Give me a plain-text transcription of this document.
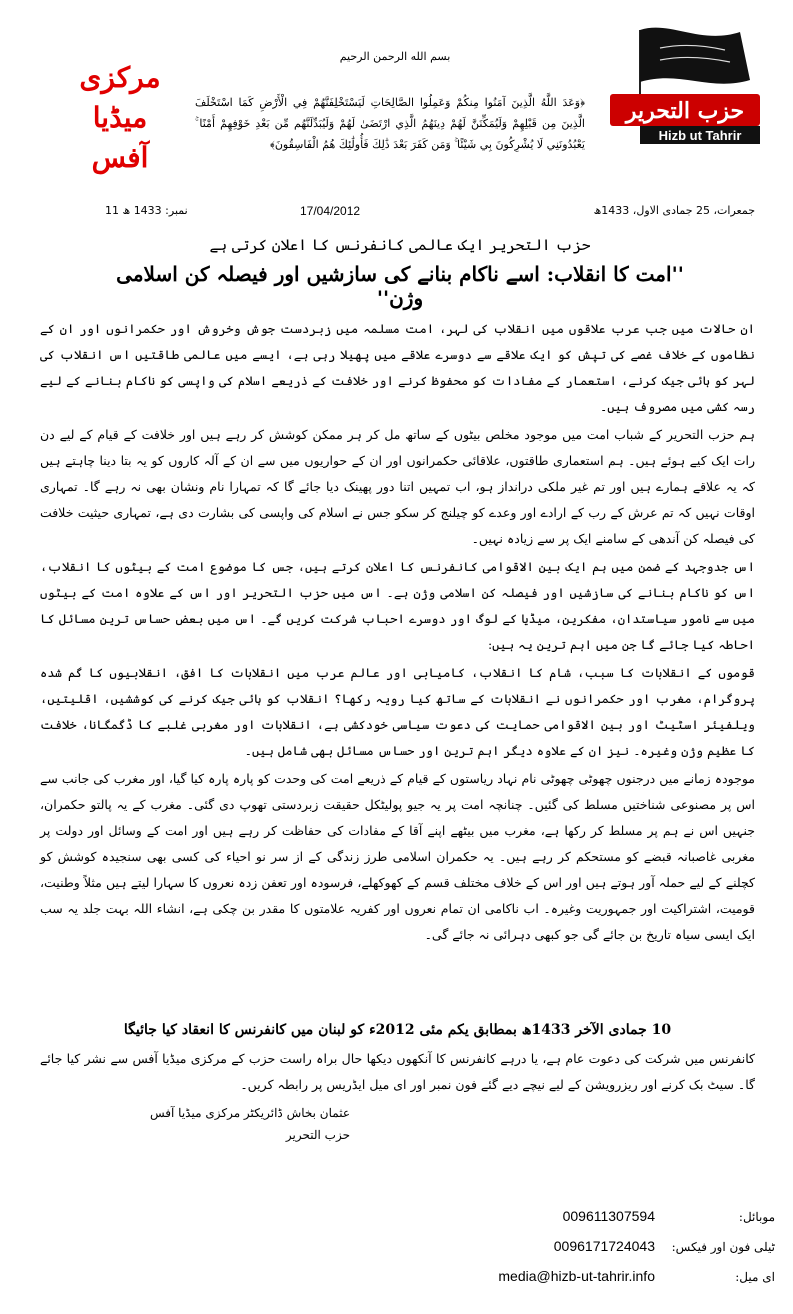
حزب التحرير
Hizb ut Tahrir
مرکزی
میڈیا آفس
بسم الله الرحمن الرحيم
﴿وَعَدَ اللَّهُ الَّذِينَ آمَنُوا مِنكُمْ وَعَمِلُوا الصَّالِحَاتِ لَيَسْتَخْلِفَنَّهُمْ فِي الْأَرْضِ كَمَا اسْتَخْلَفَ الَّذِينَ مِن قَبْلِهِمْ وَلَيُمَكِّنَنَّ لَهُمْ دِينَهُمُ الَّذِي ارْتَضَىٰ لَهُمْ وَلَيُبَدِّلَنَّهُم مِّن بَعْدِ خَوْفِهِمْ أَمْنًا ۚ يَعْبُدُونَنِي لَا يُشْرِكُونَ بِي شَيْئًا ۚ وَمَن كَفَرَ بَعْدَ ذَٰلِكَ فَأُولَٰئِكَ هُمُ الْفَاسِقُونَ﴾
جمعرات، 25 جمادی الاول، 1433ھ
17/04/2012
نمبر: 1433 ھ 11
حزب التحریر ایک عالمی کانفرنس کا اعلان کرتی ہے
''امت کا انقلاب: اسے ناکام بنانے کی سازشیں اور فیصلہ کن اسلامی وژن''

ان حالات میں جب عرب علاقوں میں انقلاب کی لہر، امت مسلمہ میں زبردست جوش وخروش اور حکمرانوں اور ان کے نظاموں کے خلاف غصے کی تپش کو ایک علاقے سے دوسرے علاقے میں پھیلا رہی ہے، ایسے میں عالمی طاقتیں اس انقلاب کی لہر کو ہائی جیک کرنے، استعمار کے مفادات کو محفوظ کرنے اور خلافت کے ذریعے اسلام کی واپسی کو ناکام بنانے کے لیے رسہ کشی میں مصروف ہیں۔

ہم حزب التحریر کے شباب امت میں موجود مخلص بیٹوں کے ساتھ مل کر ہر ممکن کوشش کر رہے ہیں اور خلافت کے قیام کے لیے دن رات ایک کیے ہوئے ہیں۔ ہم استعماری طاقتوں، علاقائی حکمرانوں اور ان کے حواریوں میں سے ان کے آلہ کاروں کو یہ بتا دینا چاہتے ہیں کہ یہ علاقے ہمارے ہیں اور تم غیر ملکی درانداز ہو، اب تمہیں اتنا دور پھینک دیا جائے گا کہ تمہارا نام ونشان بھی نہ رہے گا۔ تمہاری اوقات نہیں کہ تم عرش کے رب کے ارادے اور وعدے کو چیلنج کر سکو جس نے اسلام کی واپسی کی بشارت دی ہے، تمہاری حیثیت خلافت کی فیصلہ کن آندھی کے سامنے ایک پر سے زیادہ نہیں۔

اس جدوجہد کے ضمن میں ہم ایک بین الاقوامی کانفرنس کا اعلان کرتے ہیں، جس کا موضوع امت کے بیٹوں کا انقلاب، اس کو ناکام بنانے کی سازشیں اور فیصلہ کن اسلامی وژن ہے۔ اس میں حزب التحریر اور اس کے علاوہ امت کے بیٹوں میں سے نامور سیاستدان، مفکرین، میڈیا کے لوگ اور دوسرے احباب شرکت کریں گے۔ اس میں بعض حساس ترین مسائل کا احاطہ کیا جائے گا جن میں اہم ترین یہ ہیں:

قوموں کے انقلابات کا سبب، شام کا انقلاب، کامیابی اور عالم عرب میں انقلابات کا افق، انقلابیوں کا گم شدہ پروگرام، مغرب اور حکمرانوں نے انقلابات کے ساتھ کیا رویہ رکھا؟ انقلاب کو ہائی جیک کرنے کی کوششیں، اقلیتیں، ویلفیئر اسٹیٹ اور بین الاقوامی حمایت کی دعوت سیاسی خودکشی ہے، انقلابات اور مغربی غلبے کا ڈگمگانا، خلافت کا عظیم وژن وغیرہ۔ نیز ان کے علاوہ دیگر اہم ترین اور حساس مسائل بھی شامل ہیں۔

موجودہ زمانے میں درجنوں چھوٹی چھوٹی نام نہاد ریاستوں کے قیام کے ذریعے امت کی وحدت کو پارہ پارہ کیا گیا، اور مغرب کی جانب سے اس پر مصنوعی شناختیں مسلط کی گئیں۔ چنانچہ امت پر یہ جیو پولیٹکل حقیقت زبردستی تھوپ دی گئی۔ مغرب کے یہ پالتو حکمران، جنہیں اس نے ہم پر مسلط کر رکھا ہے، مغرب میں بیٹھے اپنے آقا کے مفادات کی حفاظت کر رہے ہیں اور امت کے وسائل اور دولت پر مغربی غاصبانہ قبضے کو مستحکم کر رہے ہیں۔ یہ حکمران اسلامی طرز زندگی کے از سر نو احیاء کی کسی بھی سنجیدہ کوشش کو کچلنے کے لیے حملہ آور ہوتے ہیں اور اس کے خلاف مختلف قسم کے کھوکھلے، فرسودہ اور تعفن زدہ نعروں کا سہارا لیتے ہیں مثلاً وطنیت، قومیت، اشتراکیت اور جمہوریت وغیرہ۔ اب ناکامی ان تمام نعروں اور کفریہ علامتوں کا مقدر بن چکی ہے، انشاء اللہ بہت جلد یہ سب ایک ایسی سیاہ تاریخ بن جائے گی جو کبھی دہرائی نہ جائے گی۔

10 جمادی الآخر 1433ھ بمطابق یکم مئی 2012ء کو لبنان میں کانفرنس کا انعقاد کیا جائیگا
کانفرنس میں شرکت کی دعوت عام ہے، یا درہے کانفرنس کا آنکھوں دیکھا حال براہ راست حزب کے مرکزی میڈیا آفس سے نشر کیا جائے گا۔ سیٹ بک کرنے اور ریزرویشن کے لیے نیچے دیے گئے فون نمبر اور ای میل ایڈریس پر رابطہ کریں۔
عثمان بخاش ڈائریکٹر مرکزی میڈیا آفس
حزب التحریر
موبائل:
009611307594
ٹیلی فون اور فیکس:
0096171724043
ای میل:
media@hizb-ut-tahrir.info
